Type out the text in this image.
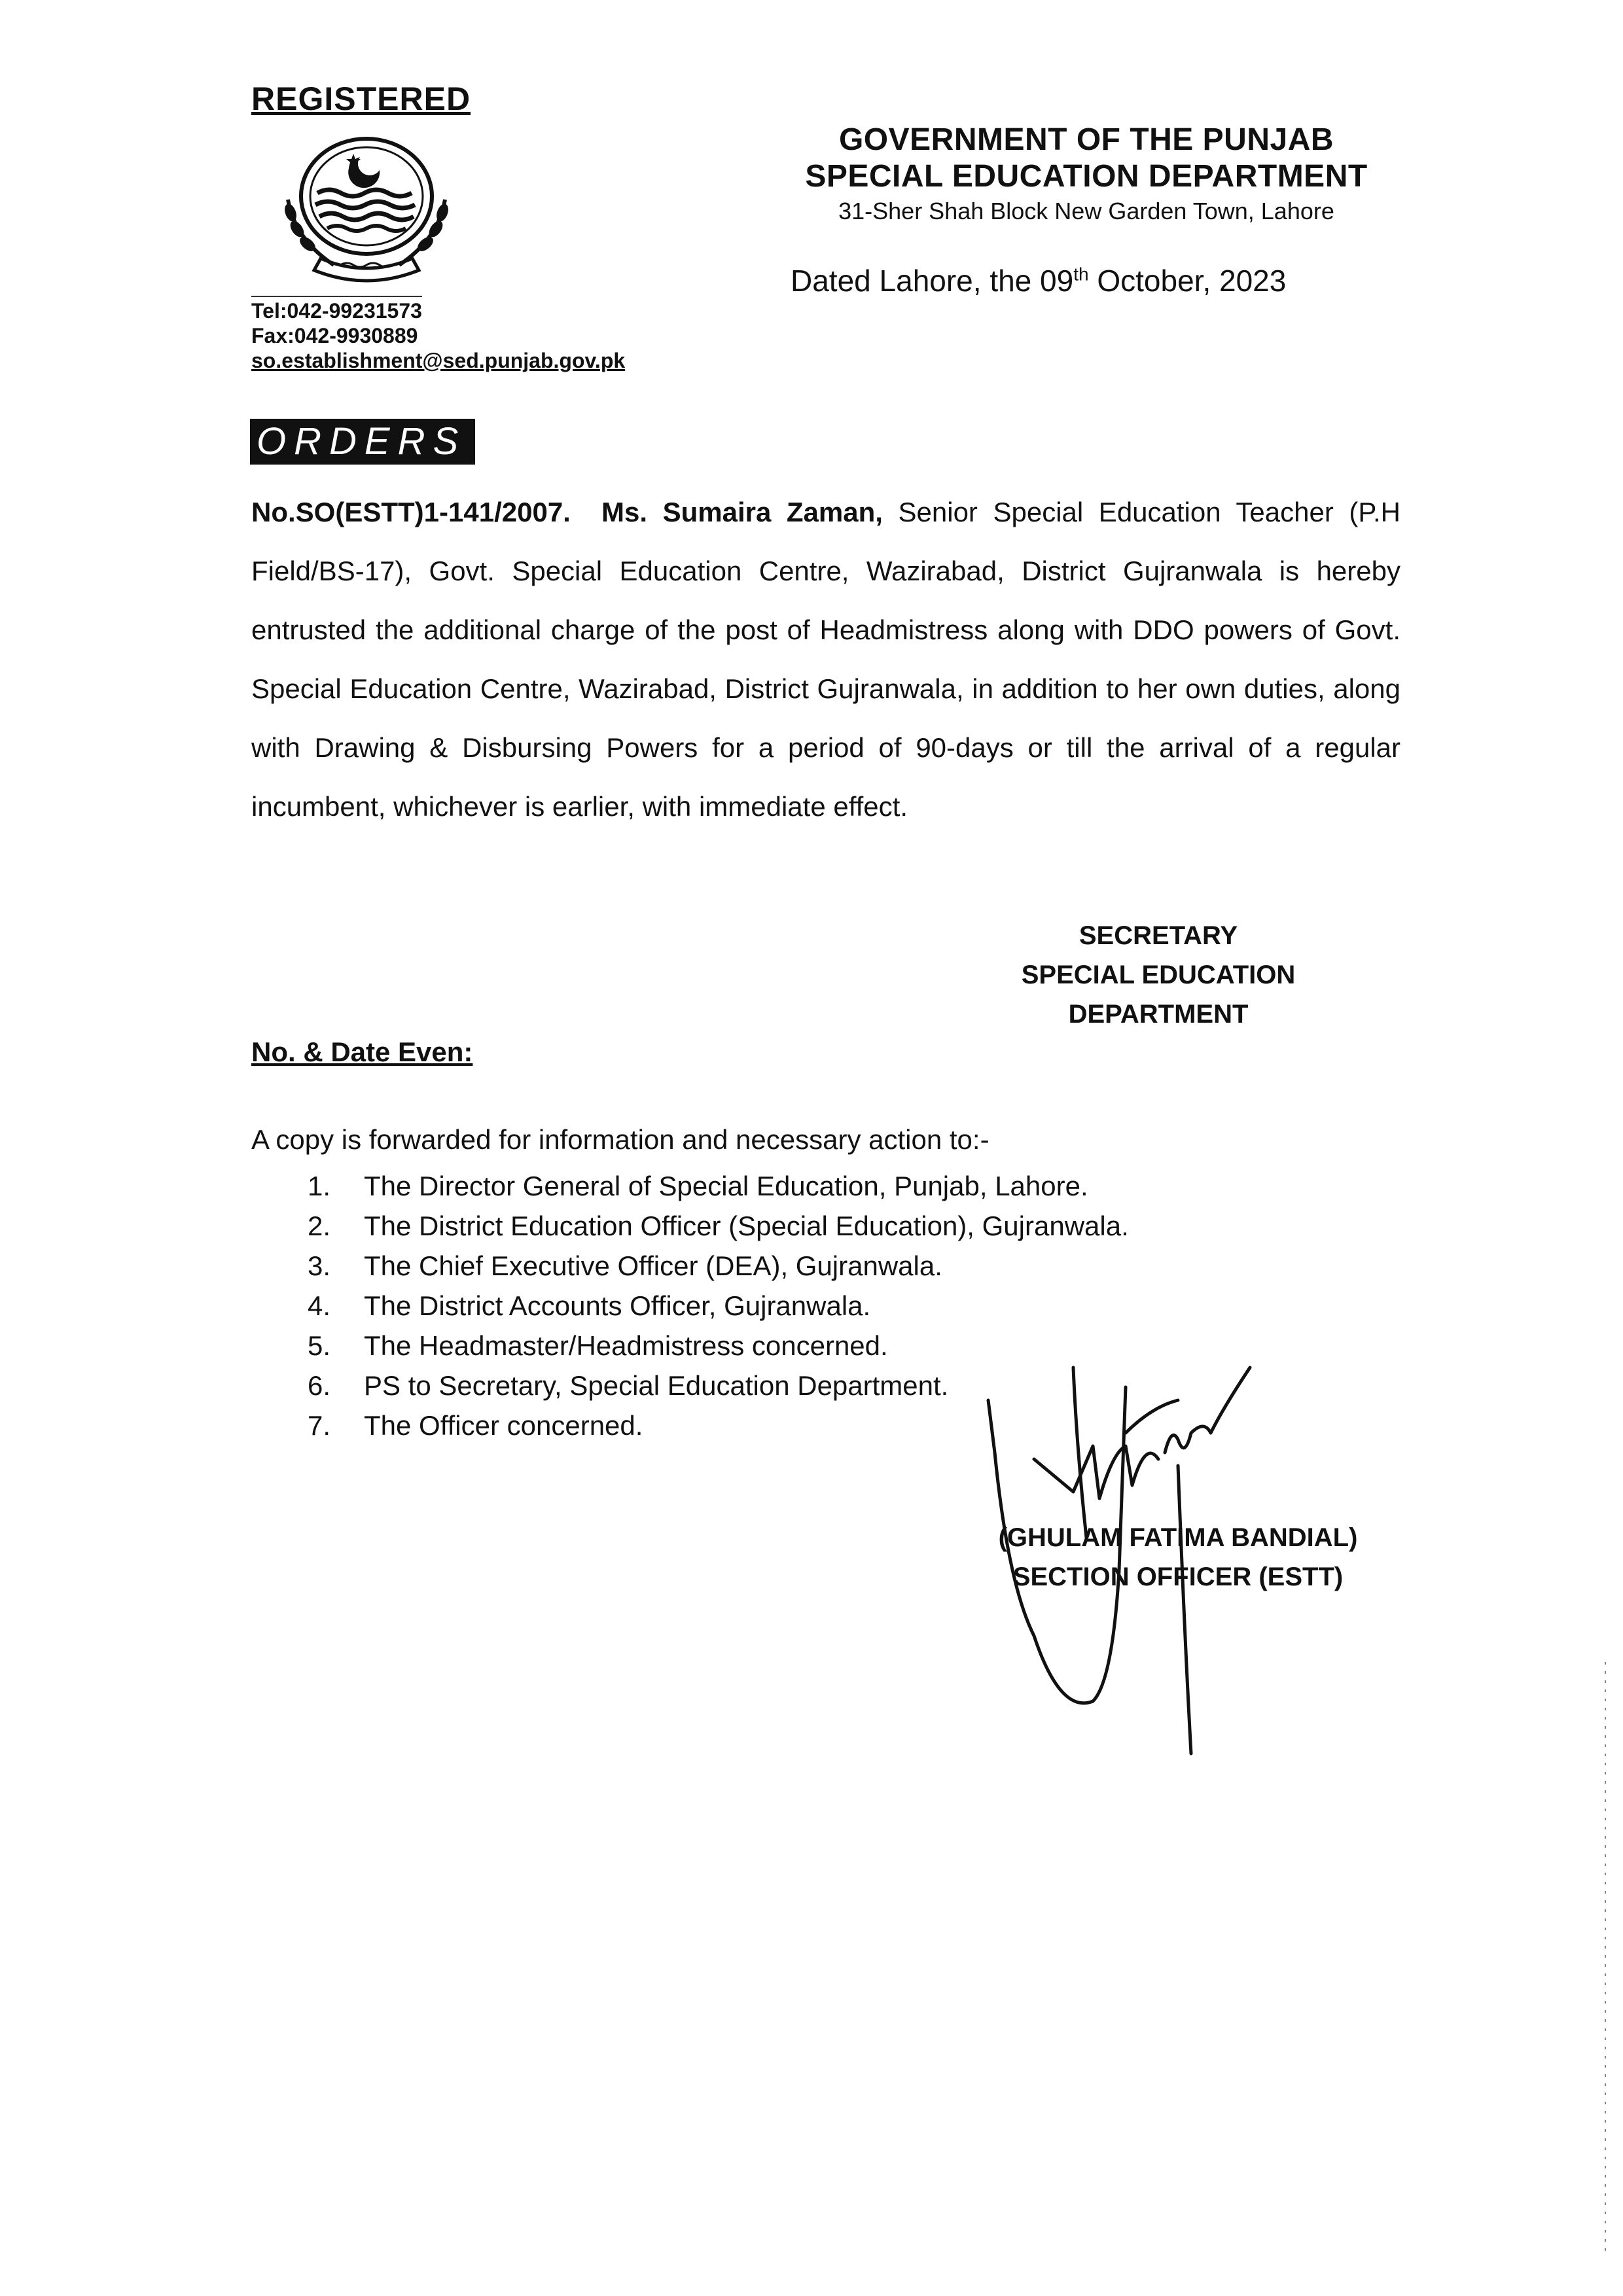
REGISTERED
Tel:042-99231573
Fax:042-9930889
so.establishment@sed.punjab.gov.pk
GOVERNMENT OF THE PUNJAB
SPECIAL EDUCATION DEPARTMENT
31-Sher Shah Block New Garden Town, Lahore
Dated Lahore, the 09th October, 2023
ORDERS
No.SO(ESTT)1-141/2007. Ms. Sumaira Zaman, Senior Special Education Teacher (P.H Field/BS-17), Govt. Special Education Centre, Wazirabad, District Gujranwala is hereby entrusted the additional charge of the post of Headmistress along with DDO powers of Govt. Special Education Centre, Wazirabad, District Gujranwala, in addition to her own duties, along with Drawing & Disbursing Powers for a period of 90-days or till the arrival of a regular incumbent, whichever is earlier, with immediate effect.
SECRETARY
SPECIAL EDUCATION
DEPARTMENT
No. & Date Even:
A copy is forwarded for information and necessary action to:-
1.	The Director General of Special Education, Punjab, Lahore.
2.	The District Education Officer (Special Education), Gujranwala.
3.	The Chief Executive Officer (DEA), Gujranwala.
4.	The District Accounts Officer, Gujranwala.
5.	The Headmaster/Headmistress concerned.
6.	PS to Secretary, Special Education Department.
7.	The Officer concerned.
(GHULAM FATIMA BANDIAL)
SECTION OFFICER (ESTT)
